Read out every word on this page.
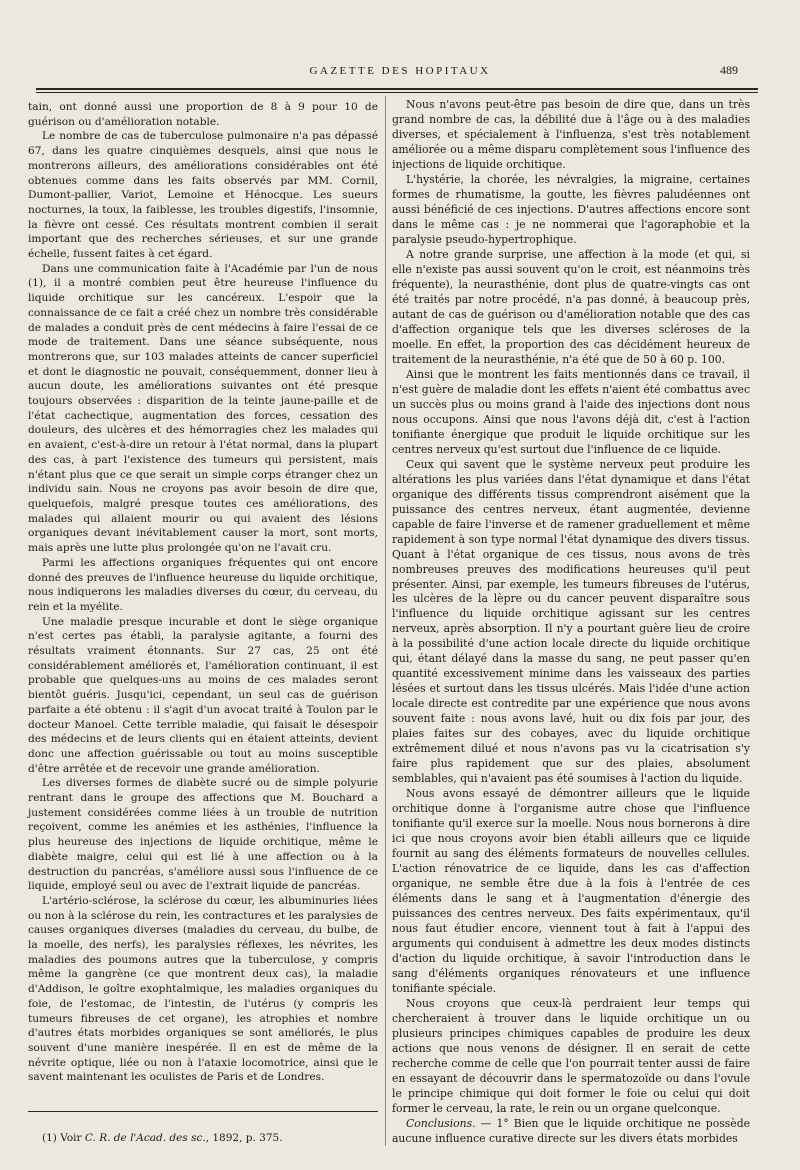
GAZETTE DES HOPITAUX	489

tain, ont donné aussi une proportion de 8 à 9 pour 10 de guérison ou d'amélioration notable.

Le nombre de cas de tuberculose pulmonaire n'a pas dépassé 67, dans les quatre cinquièmes desquels, ainsi que nous le montrerons ailleurs, des améliorations considérables ont été obtenues comme dans les faits observés par MM. Cornil, Dumont-pallier, Variot, Lemoine et Hénocque. Les sueurs nocturnes, la toux, la faiblesse, les troubles digestifs, l'insomnie, la fièvre ont cessé. Ces résultats montrent combien il serait important que des recherches sérieuses, et sur une grande échelle, fussent faites à cet égard.

Dans une communication faite à l'Académie par l'un de nous (1), il a montré combien peut être heureuse l'influence du liquide orchitique sur les cancéreux. L'espoir que la connaissance de ce fait a créé chez un nombre très considérable de malades a conduit près de cent médecins à faire l'essai de ce mode de traitement. Dans une séance subséquente, nous montrerons que, sur 103 malades atteints de cancer superficiel et dont le diagnostic ne pouvait, conséquemment, donner lieu à aucun doute, les améliorations suivantes ont été presque toujours observées : disparition de la teinte jaune-paille et de l'état cachectique, augmentation des forces, cessation des douleurs, des ulcères et des hémorragies chez les malades qui en avaient, c'est-à-dire un retour à l'état normal, dans la plupart des cas, à part l'existence des tumeurs qui persistent, mais n'étant plus que ce que serait un simple corps étranger chez un individu sain. Nous ne croyons pas avoir besoin de dire que, quelquefois, malgré presque toutes ces améliorations, des malades qui allaient mourir ou qui avaient des lésions organiques devant inévitablement causer la mort, sont morts, mais après une lutte plus prolongée qu'on ne l'avait cru.

Parmi les affections organiques fréquentes qui ont encore donné des preuves de l'influence heureuse du liquide orchitique, nous indiquerons les maladies diverses du cœur, du cerveau, du rein et la myélite.

Une maladie presque incurable et dont le siège organique n'est certes pas établi, la paralysie agitante, a fourni des résultats vraiment étonnants. Sur 27 cas, 25 ont été considérablement améliorés et, l'amélioration continuant, il est probable que quelques-uns au moins de ces malades seront bientôt guéris. Jusqu'ici, cependant, un seul cas de guérison parfaite a été obtenu : il s'agit d'un avocat traité à Toulon par le docteur Manoel. Cette terrible maladie, qui faisait le désespoir des médecins et de leurs clients qui en étaient atteints, devient donc une affection guérissable ou tout au moins susceptible d'être arrêtée et de recevoir une grande amélioration.

Les diverses formes de diabète sucré ou de simple polyurie rentrant dans le groupe des affections que M. Bouchard a justement considérées comme liées à un trouble de nutrition reçoivent, comme les anémies et les asthénies, l'influence la plus heureuse des injections de liquide orchitique, même le diabète maigre, celui qui est lié à une affection ou à la destruction du pancréas, s'améliore aussi sous l'influence de ce liquide, employé seul ou avec de l'extrait liquide de pancréas.

L'artério-sclérose, la sclérose du cœur, les albuminuries liées ou non à la sclérose du rein, les contractures et les paralysies de causes organiques diverses (maladies du cerveau, du bulbe, de la moelle, des nerfs), les paralysies réflexes, les névrites, les maladies des poumons autres que la tuberculose, y compris même la gangrène (ce que montrent deux cas), la maladie d'Addison, le goître exophtalmique, les maladies organiques du foie, de l'estomac, de l'intestin, de l'utérus (y compris les tumeurs fibreuses de cet organe), les atrophies et nombre d'autres états morbides organiques se sont améliorés, le plus souvent d'une manière inespérée. Il en est de même de la névrite optique, liée ou non à l'ataxie locomotrice, ainsi que le savent maintenant les oculistes de Paris et de Londres.

Nous n'avons peut-être pas besoin de dire que, dans un très grand nombre de cas, la débilité due à l'âge ou à des maladies diverses, et spécialement à l'influenza, s'est très notablement améliorée ou a même disparu complètement sous l'influence des injections de liquide orchitique.

L'hystérie, la chorée, les névralgies, la migraine, certaines formes de rhumatisme, la goutte, les fièvres paludéennes ont aussi bénéficié de ces injections. D'autres affections encore sont dans le même cas : je ne nommerai que l'agoraphobie et la paralysie pseudo-hypertrophique.

A notre grande surprise, une affection à la mode (et qui, si elle n'existe pas aussi souvent qu'on le croit, est néanmoins très fréquente), la neurasthénie, dont plus de quatre-vingts cas ont été traités par notre procédé, n'a pas donné, à beaucoup près, autant de cas de guérison ou d'amélioration notable que des cas d'affection organique tels que les diverses scléroses de la moelle. En effet, la proportion des cas décidément heureux de traitement de la neurasthénie, n'a été que de 50 à 60 p. 100.

Ainsi que le montrent les faits mentionnés dans ce travail, il n'est guère de maladie dont les effets n'aient été combattus avec un succès plus ou moins grand à l'aide des injections dont nous nous occupons. Ainsi que nous l'avons déjà dit, c'est à l'action tonifiante énergique que produit le liquide orchitique sur les centres nerveux qu'est surtout due l'influence de ce liquide.

Ceux qui savent que le système nerveux peut produire les altérations les plus variées dans l'état dynamique et dans l'état organique des différents tissus comprendront aisément que la puissance des centres nerveux, étant augmentée, devienne capable de faire l'inverse et de ramener graduellement et même rapidement à son type normal l'état dynamique des divers tissus. Quant à l'état organique de ces tissus, nous avons de très nombreuses preuves des modifications heureuses qu'il peut présenter. Ainsi, par exemple, les tumeurs fibreuses de l'utérus, les ulcères de la lèpre ou du cancer peuvent disparaître sous l'influence du liquide orchitique agissant sur les centres nerveux, après absorption. Il n'y a pourtant guère lieu de croire à la possibilité d'une action locale directe du liquide orchitique qui, étant délayé dans la masse du sang, ne peut passer qu'en quantité excessivement minime dans les vaisseaux des parties lésées et surtout dans les tissus ulcérés. Mais l'idée d'une action locale directe est contredite par une expérience que nous avons souvent faite : nous avons lavé, huit ou dix fois par jour, des plaies faites sur des cobayes, avec du liquide orchitique extrêmement dilué et nous n'avons pas vu la cicatrisation s'y faire plus rapidement que sur des plaies, absolument semblables, qui n'avaient pas été soumises à l'action du liquide.

Nous avons essayé de démontrer ailleurs que le liquide orchitique donne à l'organisme autre chose que l'influence tonifiante qu'il exerce sur la moelle. Nous nous bornerons à dire ici que nous croyons avoir bien établi ailleurs que ce liquide fournit au sang des éléments formateurs de nouvelles cellules. L'action rénovatrice de ce liquide, dans les cas d'affection organique, ne semble être due à la fois à l'entrée de ces éléments dans le sang et à l'augmentation d'énergie des puissances des centres nerveux. Des faits expérimentaux, qu'il nous faut étudier encore, viennent tout à fait à l'appui des arguments qui conduisent à admettre les deux modes distincts d'action du liquide orchitique, à savoir l'introduction dans le sang d'éléments organiques rénovateurs et une influence tonifiante spéciale.

Nous croyons que ceux-là perdraient leur temps qui chercheraient à trouver dans le liquide orchitique un ou plusieurs principes chimiques capables de produire les deux actions que nous venons de désigner. Il en serait de cette recherche comme de celle que l'on pourrait tenter aussi de faire en essayant de découvrir dans le spermatozoïde ou dans l'ovule le principe chimique qui doit former le foie ou celui qui doit former le cerveau, la rate, le rein ou un organe quelconque.

Conclusions. — 1° Bien que le liquide orchitique ne possède aucune influence curative directe sur les divers états morbides

(1) Voir C. R. de l'Acad. des sc., 1892, p. 375.
